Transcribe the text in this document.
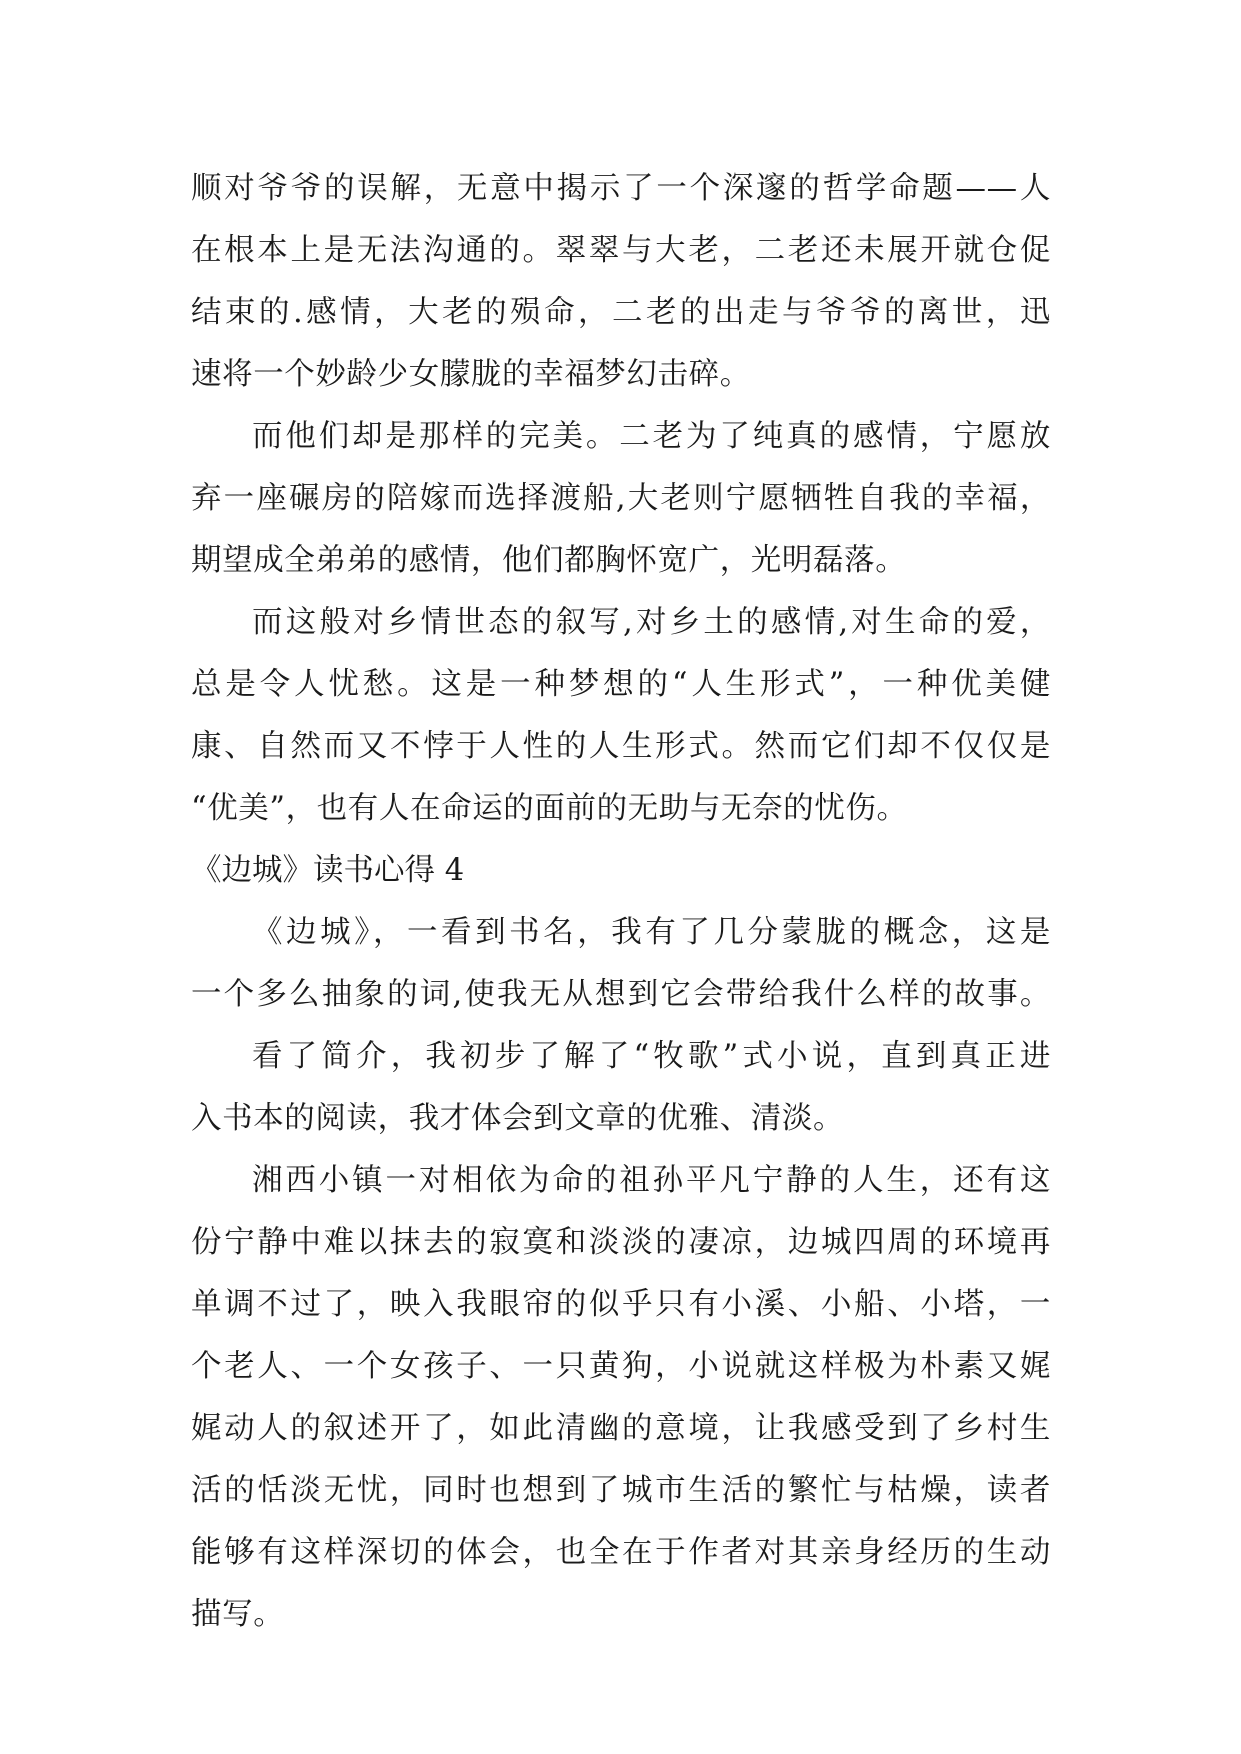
顺对爷爷的误解，无意中揭示了一个深邃的哲学命题——人
在根本上是无法沟通的。翠翠与大老，二老还未展开就仓促
结束的.感情，大老的殒命，二老的出走与爷爷的离世，迅
速将一个妙龄少女朦胧的幸福梦幻击碎。
而他们却是那样的完美。二老为了纯真的感情，宁愿放
弃一座碾房的陪嫁而选择渡船,大老则宁愿牺牲自我的幸福，
期望成全弟弟的感情，他们都胸怀宽广，光明磊落。
而这般对乡情世态的叙写,对乡土的感情,对生命的爱，
总是令人忧愁。这是一种梦想的“人生形式”，一种优美健
康、自然而又不悖于人性的人生形式。然而它们却不仅仅是
“优美”，也有人在命运的面前的无助与无奈的忧伤。
《边城》读书心得 4
《边城》，一看到书名，我有了几分蒙胧的概念，这是
一个多么抽象的词,使我无从想到它会带给我什么样的故事。
看了简介，我初步了解了“牧歌”式小说，直到真正进
入书本的阅读，我才体会到文章的优雅、清淡。
湘西小镇一对相依为命的祖孙平凡宁静的人生，还有这
份宁静中难以抹去的寂寞和淡淡的凄凉，边城四周的环境再
单调不过了，映入我眼帘的似乎只有小溪、小船、小塔，一
个老人、一个女孩子、一只黄狗，小说就这样极为朴素又娓
娓动人的叙述开了，如此清幽的意境，让我感受到了乡村生
活的恬淡无忧，同时也想到了城市生活的繁忙与枯燥，读者
能够有这样深切的体会，也全在于作者对其亲身经历的生动
描写。
